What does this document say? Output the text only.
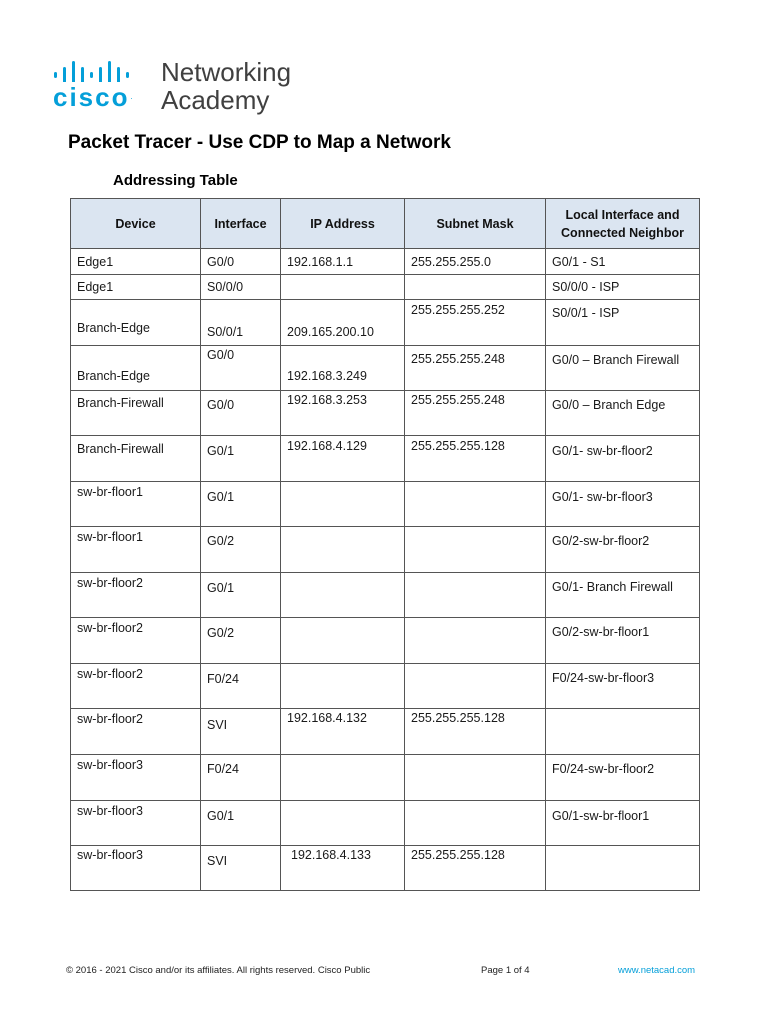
cisco.
Networking
Academy
Packet Tracer - Use CDP to Map a Network
Addressing Table
Device	Interface	IP Address	Subnet Mask	Local Interface and
Connected Neighbor

Edge1	G0/0	192.168.1.1	255.255.255.0	G0/1 - S1
Edge1	S0/0/0			S0/0/0 - ISP
Branch-Edge	S0/0/1	209.165.200.10	255.255.255.252	S0/0/1 - ISP
Branch-Edge	G0/0	192.168.3.249	255.255.255.248	G0/0 – Branch Firewall
Branch-Firewall	G0/0	192.168.3.253	255.255.255.248	G0/0 – Branch Edge
Branch-Firewall	G0/1	192.168.4.129	255.255.255.128	G0/1- sw-br-floor2
sw-br-floor1	G0/1			G0/1- sw-br-floor3
sw-br-floor1	G0/2			G0/2-sw-br-floor2
sw-br-floor2	G0/1			G0/1- Branch Firewall
sw-br-floor2	G0/2			G0/2-sw-br-floor1
sw-br-floor2	F0/24			F0/24-sw-br-floor3
sw-br-floor2	SVI	192.168.4.132	255.255.255.128	
sw-br-floor3	F0/24			F0/24-sw-br-floor2
sw-br-floor3	G0/1			G0/1-sw-br-floor1
sw-br-floor3	SVI	192.168.4.133	255.255.255.128	
© 2016 - 2021 Cisco and/or its affiliates. All rights reserved. Cisco Public	Page 1 of 4	www.netacad.com
